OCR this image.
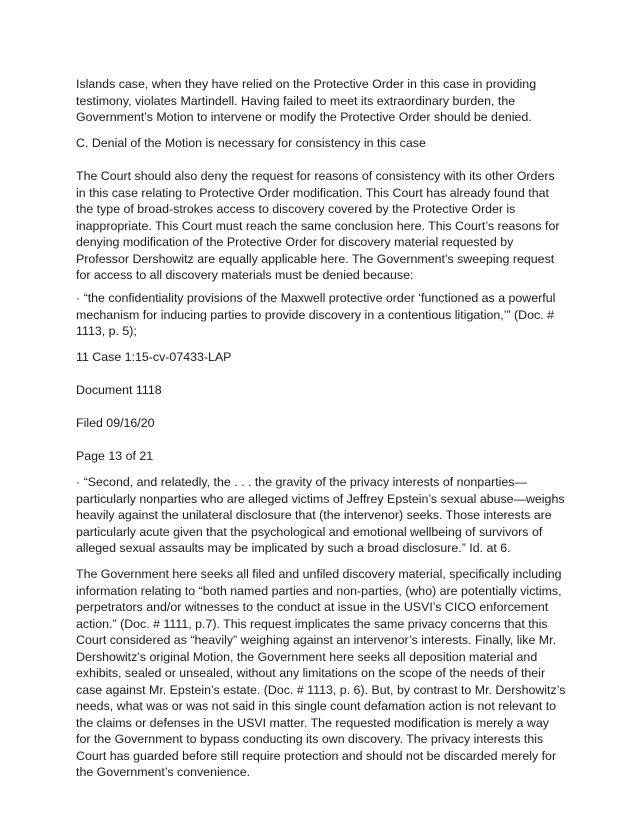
Islands case, when they have relied on the Protective Order in this case in providing testimony, violates Martindell. Having failed to meet its extraordinary burden, the Government’s Motion to intervene or modify the Protective Order should be denied.

C. Denial of the Motion is necessary for consistency in this case

The Court should also deny the request for reasons of consistency with its other Orders in this case relating to Protective Order modification. This Court has already found that the type of broad-strokes access to discovery covered by the Protective Order is inappropriate. This Court must reach the same conclusion here. This Court’s reasons for denying modification of the Protective Order for discovery material requested by Professor Dershowitz are equally applicable here. The Government’s sweeping request for access to all discovery materials must be denied because:

· “the confidentiality provisions of the Maxwell protective order ‘functioned as a powerful mechanism for inducing parties to provide discovery in a contentious litigation,’” (Doc. # 1113, p. 5);

11 Case 1:15-cv-07433-LAP

Document 1118

Filed 09/16/20

Page 13 of 21

· “Second, and relatedly, the . . . the gravity of the privacy interests of nonparties—particularly nonparties who are alleged victims of Jeffrey Epstein’s sexual abuse—weighs heavily against the unilateral disclosure that (the intervenor) seeks. Those interests are particularly acute given that the psychological and emotional wellbeing of survivors of alleged sexual assaults may be implicated by such a broad disclosure.” Id. at 6.

The Government here seeks all filed and unfiled discovery material, specifically including information relating to “both named parties and non-parties, (who) are potentially victims, perpetrators and/or witnesses to the conduct at issue in the USVI’s CICO enforcement action.” (Doc. # 1111, p.7). This request implicates the same privacy concerns that this Court considered as “heavily” weighing against an intervenor’s interests. Finally, like Mr. Dershowitz’s original Motion, the Government here seeks all deposition material and exhibits, sealed or unsealed, without any limitations on the scope of the needs of their case against Mr. Epstein’s estate. (Doc. # 1113, p. 6). But, by contrast to Mr. Dershowitz’s needs, what was or was not said in this single count defamation action is not relevant to the claims or defenses in the USVI matter. The requested modification is merely a way for the Government to bypass conducting its own discovery. The privacy interests this Court has guarded before still require protection and should not be discarded merely for the Government’s convenience.
